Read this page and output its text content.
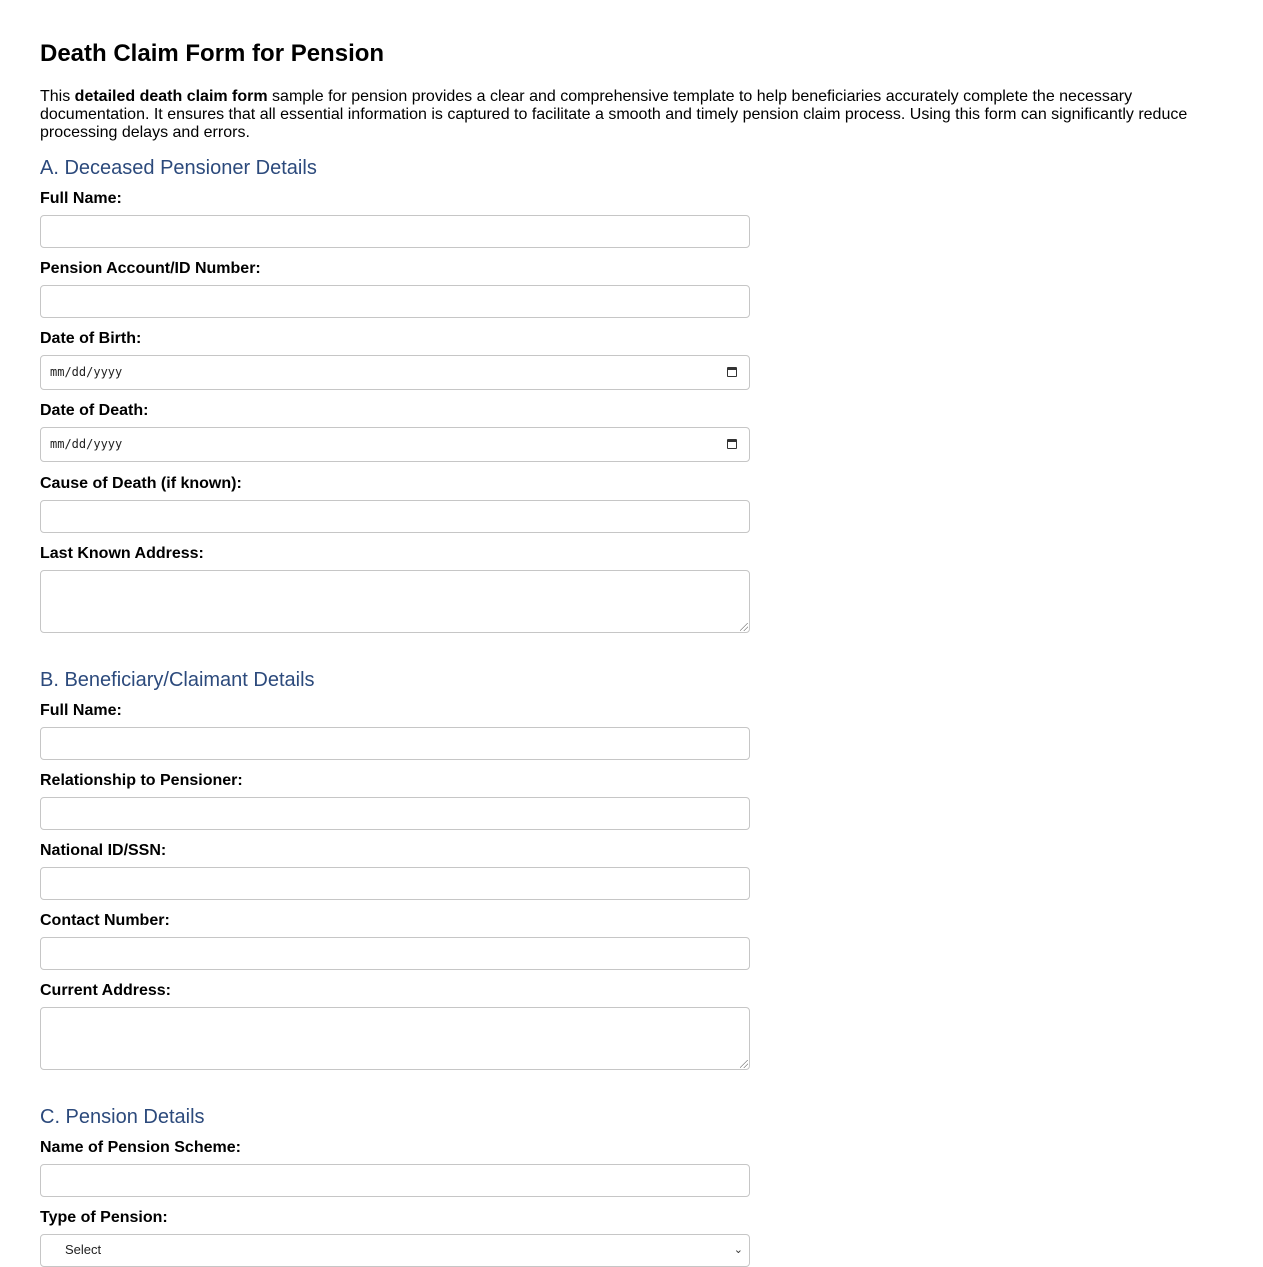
Death Claim Form for Pension

This detailed death claim form sample for pension provides a clear and comprehensive template to help beneficiaries accurately complete the necessary documentation. It ensures that all essential information is captured to facilitate a smooth and timely pension claim process. Using this form can significantly reduce processing delays and errors.

A. Deceased Pensioner Details
Full Name:
Pension Account/ID Number:
Date of Birth:
mm/dd/yyyy
Date of Death:
mm/dd/yyyy
Cause of Death (if known):
Last Known Address:
B. Beneficiary/Claimant Details
Full Name:
Relationship to Pensioner:
National ID/SSN:
Contact Number:
Current Address:
C. Pension Details
Name of Pension Scheme:
Type of Pension:
Select	⌄
